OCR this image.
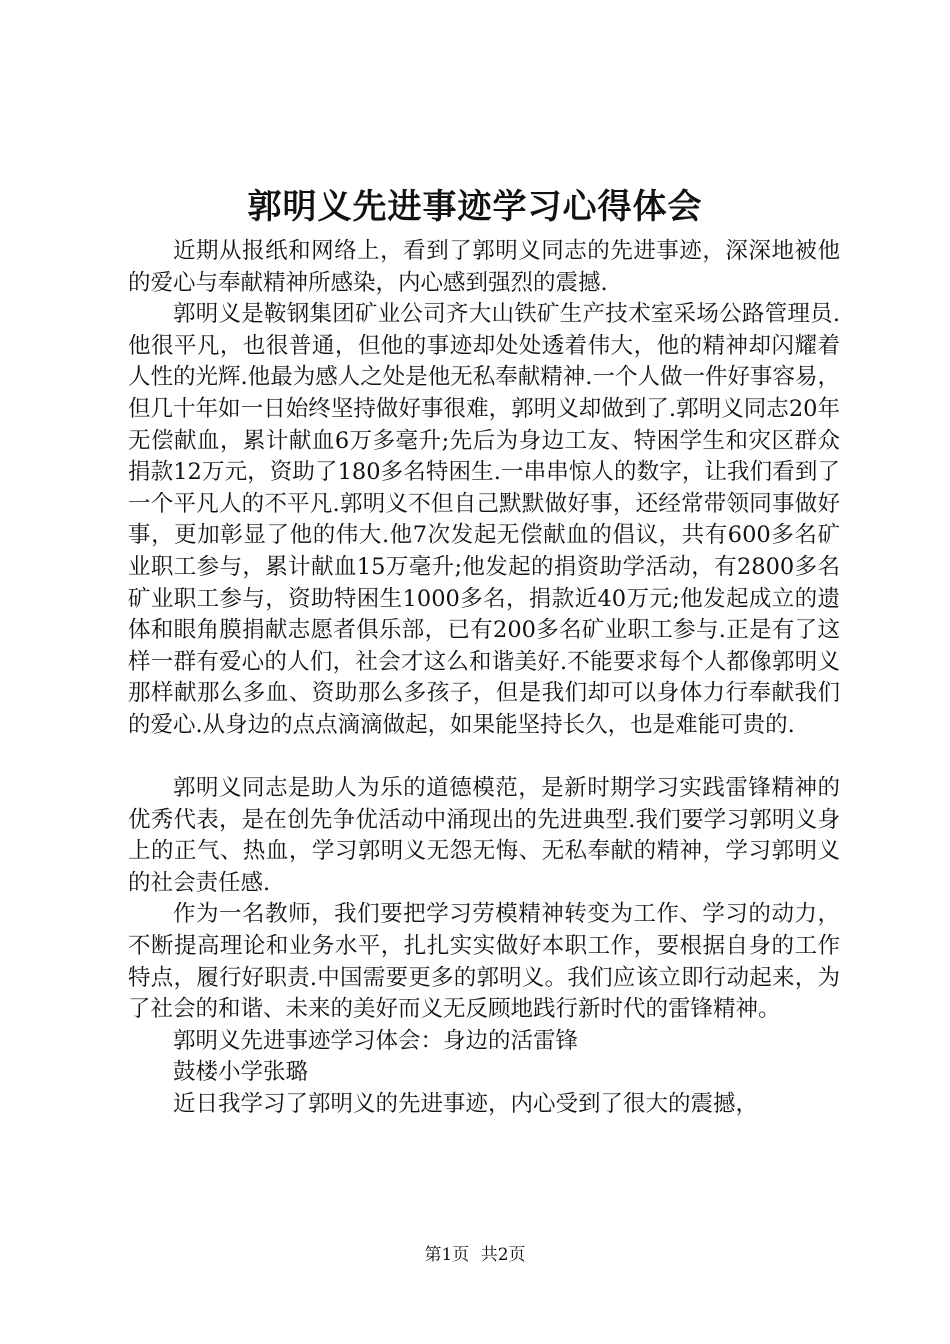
郭明义先进事迹学习心得体会

近期从报纸和网络上，看到了郭明义同志的先进事迹，深深地被他的爱心与奉献精神所感染，内心感到强烈的震撼.

郭明义是鞍钢集团矿业公司齐大山铁矿生产技术室采场公路管理员.他很平凡，也很普通，但他的事迹却处处透着伟大，他的精神却闪耀着人性的光辉.他最为感人之处是他无私奉献精神.一个人做一件好事容易，但几十年如一日始终坚持做好事很难，郭明义却做到了.郭明义同志20年无偿献血，累计献血6万多毫升;先后为身边工友、特困学生和灾区群众捐款12万元，资助了180多名特困生.一串串惊人的数字，让我们看到了一个平凡人的不平凡.郭明义不但自己默默做好事，还经常带领同事做好事，更加彰显了他的伟大.他7次发起无偿献血的倡议，共有600多名矿业职工参与，累计献血15万毫升;他发起的捐资助学活动，有2800多名矿业职工参与，资助特困生1000多名，捐款近40万元;他发起成立的遗体和眼角膜捐献志愿者俱乐部，已有200多名矿业职工参与.正是有了这样一群有爱心的人们，社会才这么和谐美好.不能要求每个人都像郭明义那样献那么多血、资助那么多孩子，但是我们却可以身体力行奉献我们的爱心.从身边的点点滴滴做起，如果能坚持长久，也是难能可贵的.

郭明义同志是助人为乐的道德模范，是新时期学习实践雷锋精神的优秀代表，是在创先争优活动中涌现出的先进典型.我们要学习郭明义身上的正气、热血，学习郭明义无怨无悔、无私奉献的精神，学习郭明义的社会责任感.

作为一名教师，我们要把学习劳模精神转变为工作、学习的动力，不断提高理论和业务水平，扎扎实实做好本职工作，要根据自身的工作特点，履行好职责.中国需要更多的郭明义。我们应该立即行动起来，为了社会的和谐、未来的美好而义无反顾地践行新时代的雷锋精神。

郭明义先进事迹学习体会：身边的活雷锋

鼓楼小学张璐

近日我学习了郭明义的先进事迹，内心受到了很大的震撼，

第1页 共2页
